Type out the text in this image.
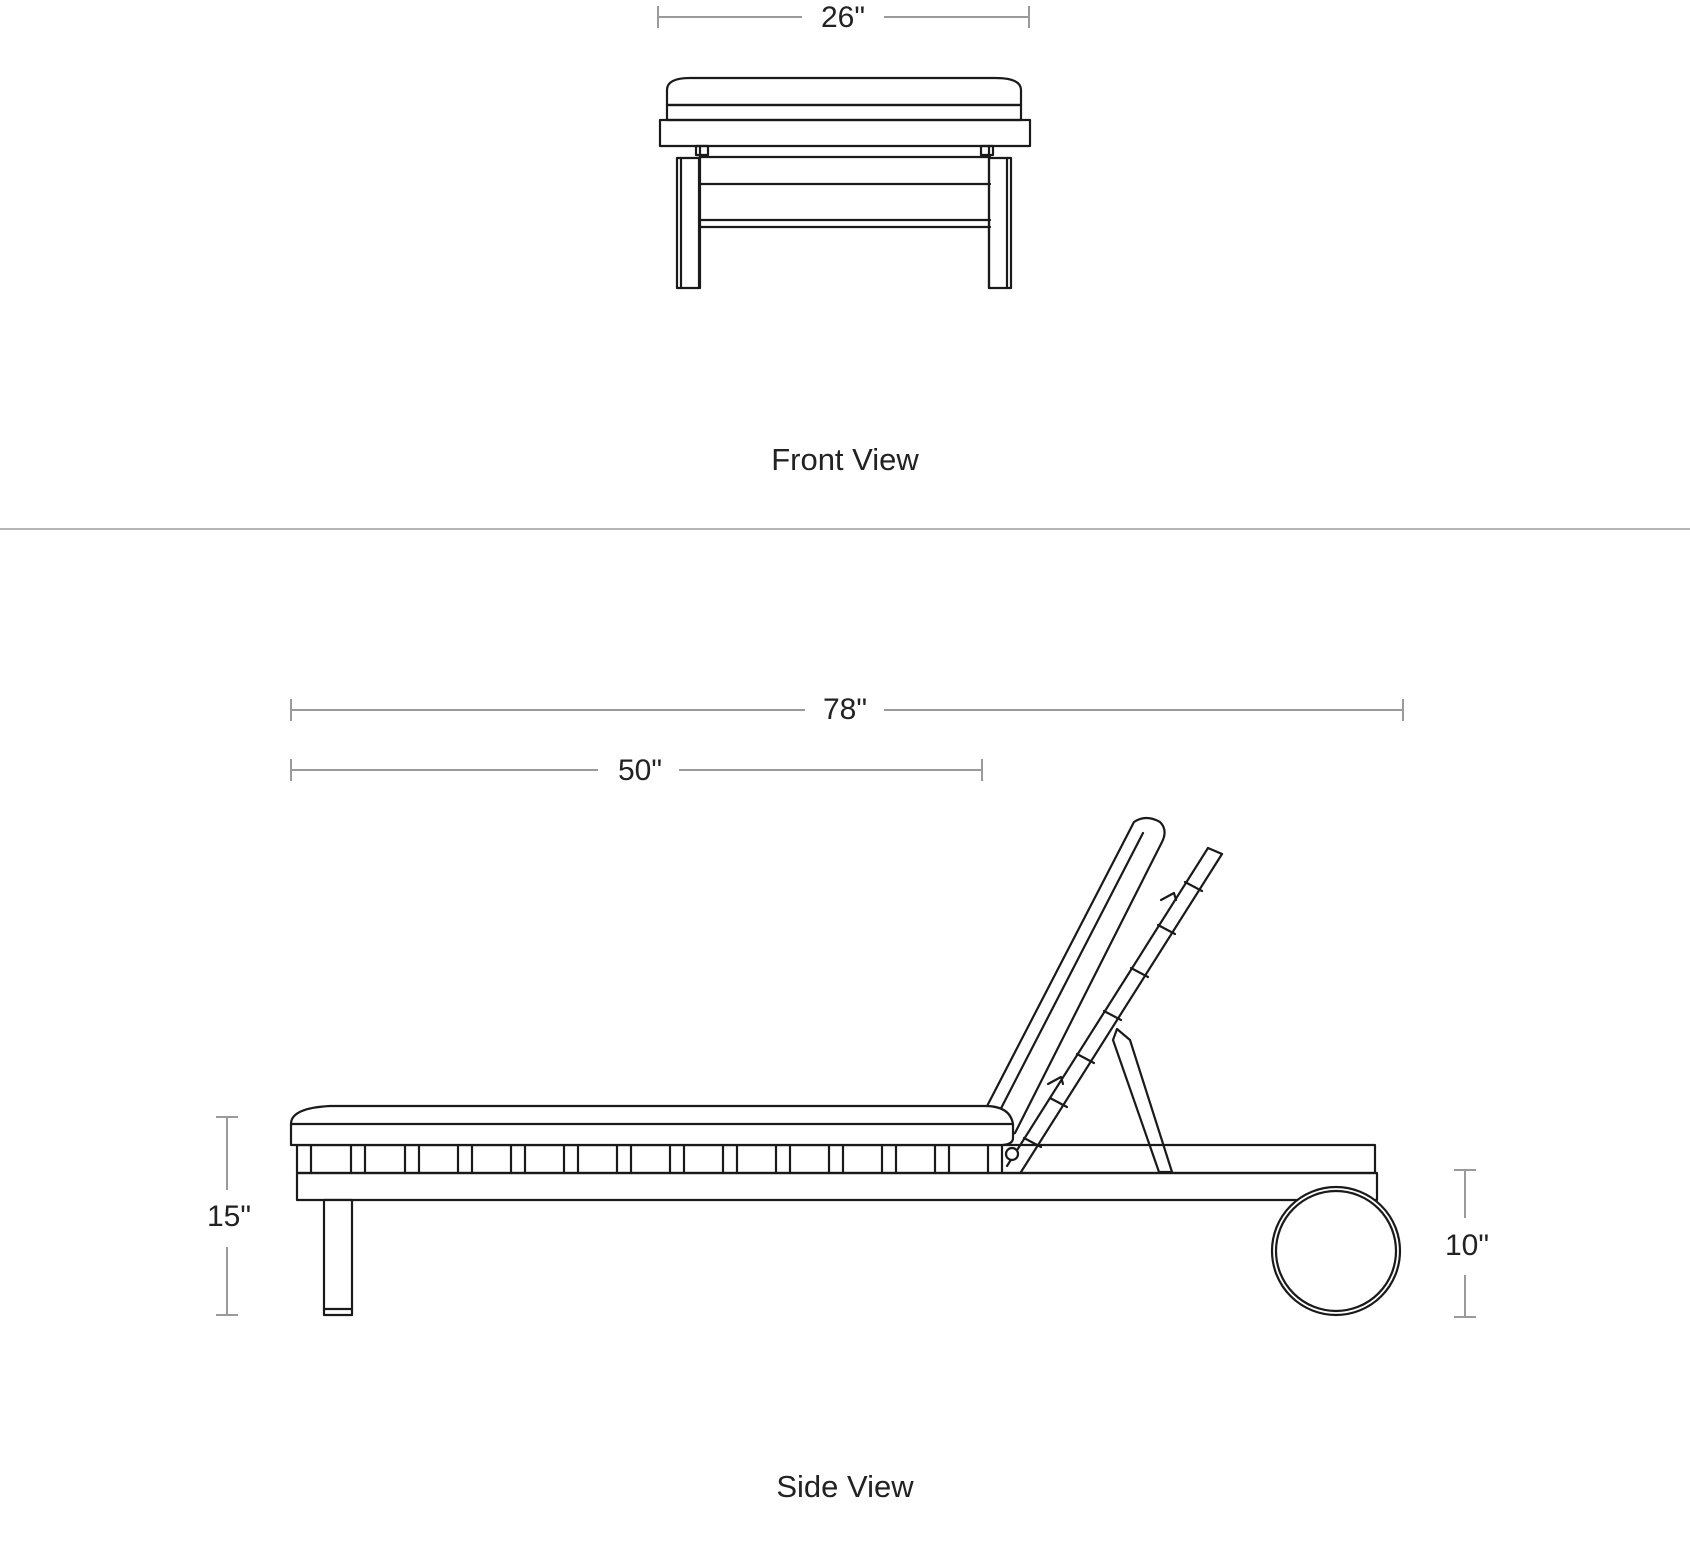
26"
Front View
78"
50"
15"
10"
Side View
